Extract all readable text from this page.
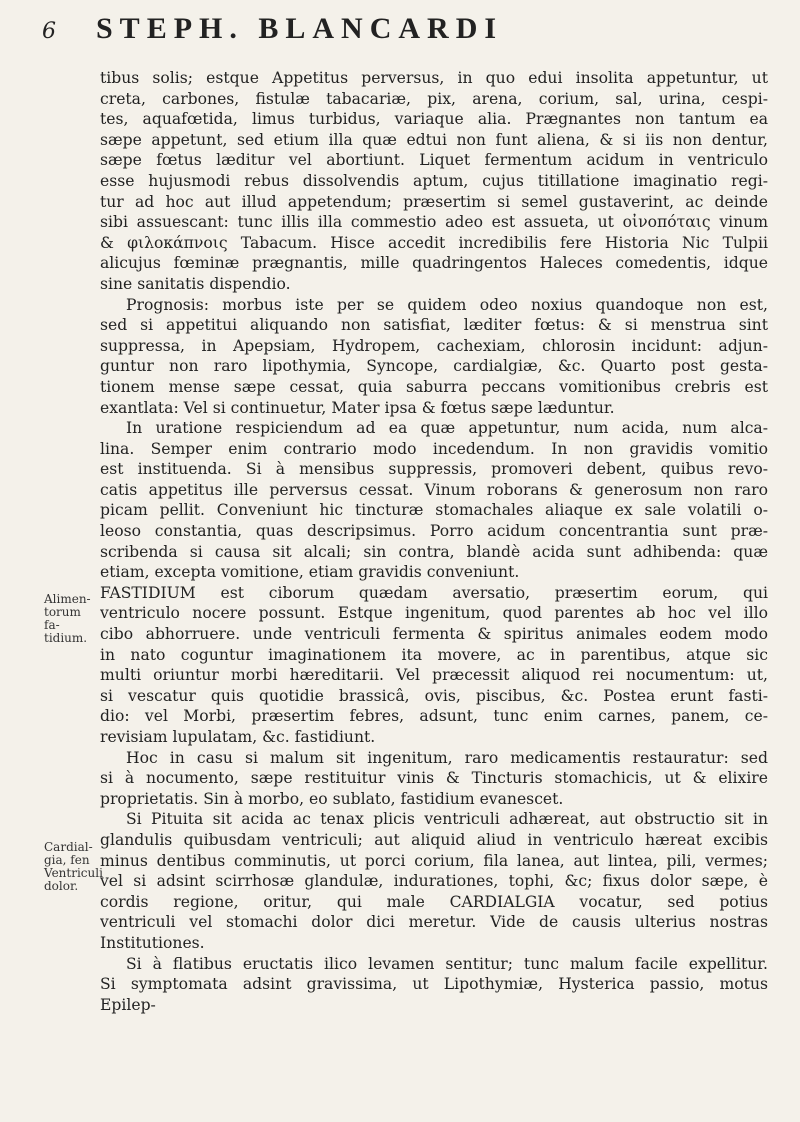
6	STEPH. BLANCARDI
Alimen-
torum fa-
tidium.
Cardial-
gia, fen
Ventriculi
dolor.
tibus solis; estque Appetitus perversus, in quo edui insolita appetuntur, ut
creta, carbones, fistulæ tabacariæ, pix, arena, corium, sal, urina, cespi-
tes, aquafœtida, limus turbidus, variaque alia. Prægnantes non tantum ea
sæpe appetunt, sed etium illa quæ edtui non funt aliena, & si iis non dentur,
sæpe fœtus læditur vel abortiunt. Liquet fermentum acidum in ventriculo
esse hujusmodi rebus dissolvendis aptum, cujus titillatione imaginatio regi-
tur ad hoc aut illud appetendum; præsertim si semel gustaverint, ac deinde
sibi assuescant: tunc illis illa commestio adeo est assueta, ut οἰνοπόταις vinum
& φιλοκάπνοις Tabacum. Hisce accedit incredibilis fere Historia Nic Tulpii
alicujus fœminæ prægnantis, mille quadringentos Haleces comedentis, idque
sine sanitatis dispendio.
Prognosis: morbus iste per se quidem odeo noxius quandoque non est,
sed si appetitui aliquando non satisfiat, læditer fœtus: & si menstrua sint
suppressa, in Apepsiam, Hydropem, cachexiam, chlorosin incidunt: adjun-
guntur non raro lipothymia, Syncope, cardialgiæ, &c. Quarto post gesta-
tionem mense sæpe cessat, quia saburra peccans vomitionibus crebris est
exantlata: Vel si continuetur, Mater ipsa & fœtus sæpe læduntur.
In uratione respiciendum ad ea quæ appetuntur, num acida, num alca-
lina. Semper enim contrario modo incedendum. In non gravidis vomitio
est instituenda. Si à mensibus suppressis, promoveri debent, quibus revo-
catis appetitus ille perversus cessat. Vinum roborans & generosum non raro
picam pellit. Conveniunt hic tincturæ stomachales aliaque ex sale volatili o-
leoso constantia, quas descripsimus. Porro acidum concentrantia sunt præ-
scribenda si causa sit alcali; sin contra, blandè acida sunt adhibenda: quæ
etiam, excepta vomitione, etiam gravidis conveniunt.
FASTIDIUM est ciborum quædam aversatio, præsertim eorum, qui
ventriculo nocere possunt. Estque ingenitum, quod parentes ab hoc vel illo
cibo abhorruere. unde ventriculi fermenta & spiritus animales eodem modo
in nato coguntur imaginationem ita movere, ac in parentibus, atque sic
multi oriuntur morbi hæreditarii. Vel præcessit aliquod rei nocumentum: ut,
si vescatur quis quotidie brassicâ, ovis, piscibus, &c. Postea erunt fasti-
dio: vel Morbi, præsertim febres, adsunt, tunc enim carnes, panem, ce-
revisiam lupulatam, &c. fastidiunt.
Hoc in casu si malum sit ingenitum, raro medicamentis restauratur: sed
si à nocumento, sæpe restituitur vinis & Tincturis stomachicis, ut & elixire
proprietatis. Sin à morbo, eo sublato, fastidium evanescet.
Si Pituita sit acida ac tenax plicis ventriculi adhæreat, aut obstructio sit in
glandulis quibusdam ventriculi; aut aliquid aliud in ventriculo hæreat excibis
minus dentibus comminutis, ut porci corium, fila lanea, aut lintea, pili, vermes;
vel si adsint scirrhosæ glandulæ, indurationes, tophi, &c; fixus dolor sæpe, è
cordis regione, oritur, qui male CARDIALGIA vocatur, sed potius
ventriculi vel stomachi dolor dici meretur. Vide de causis ulterius nostras
Institutiones.
Si à flatibus eructatis ilico levamen sentitur; tunc malum facile expellitur.
Si symptomata adsint gravissima, ut Lipothymiæ, Hysterica passio, motus
Epilep-
